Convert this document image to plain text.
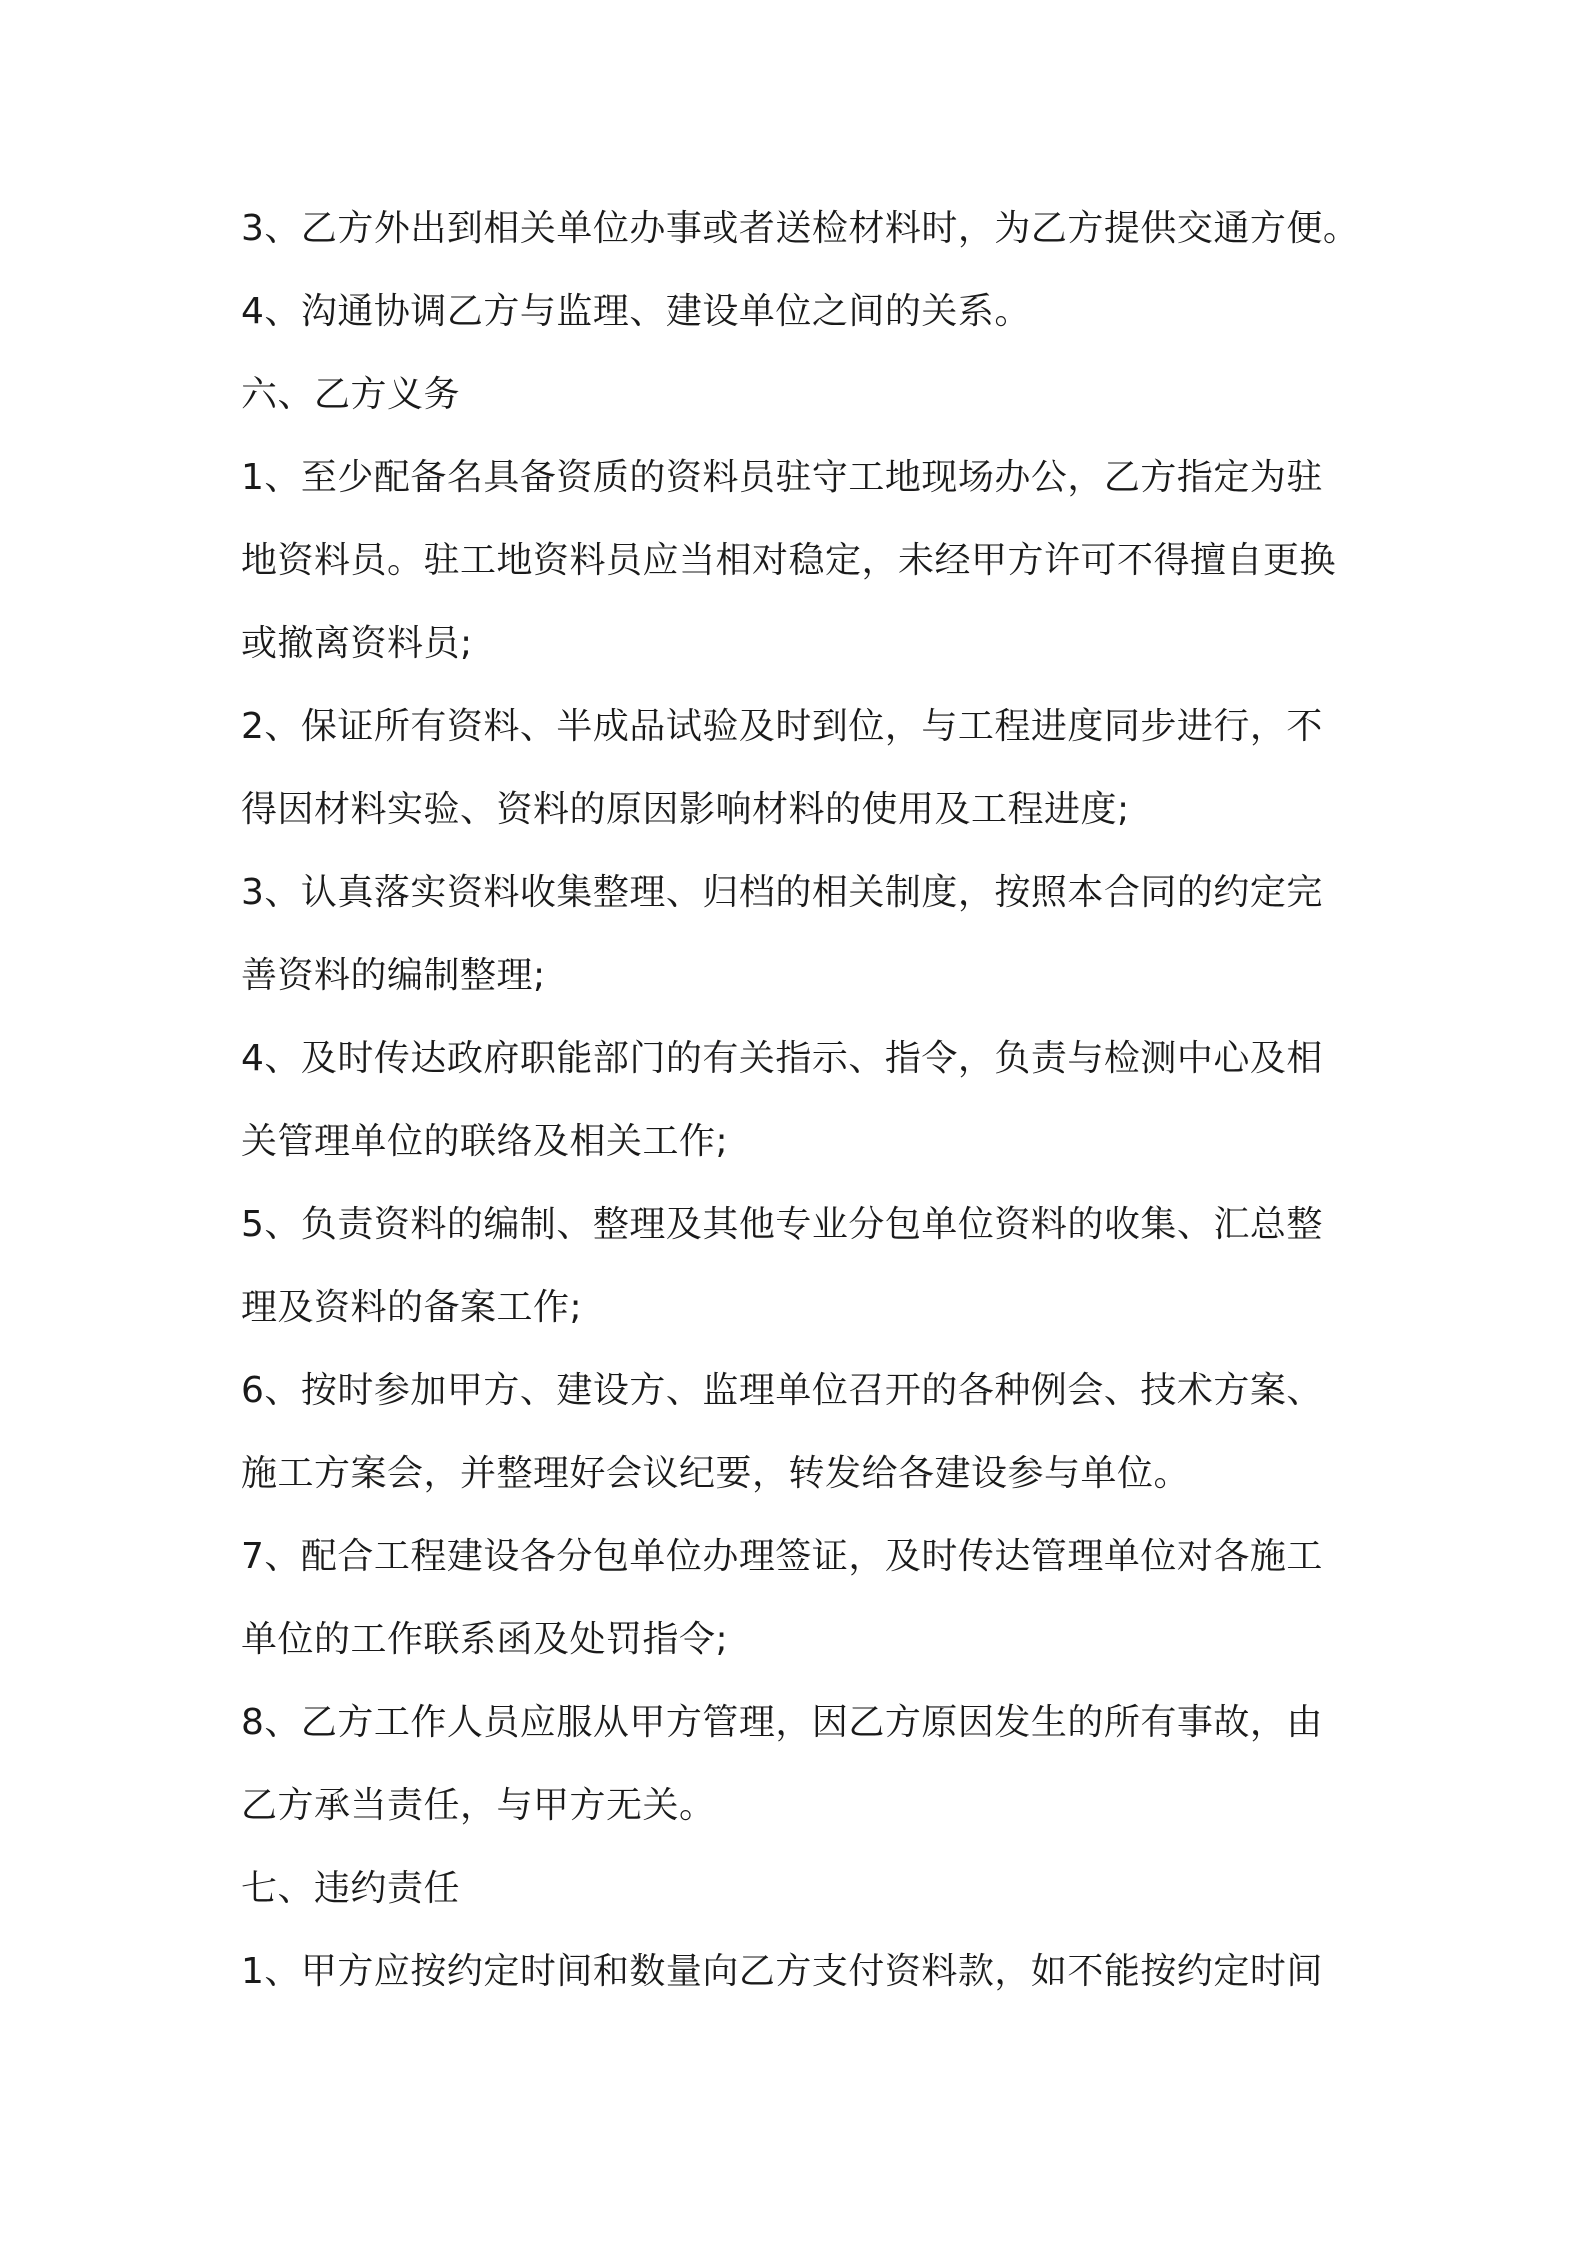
3、乙方外出到相关单位办事或者送检材料时，为乙方提供交通方便。
4、沟通协调乙方与监理、建设单位之间的关系。
六、乙方义务
1、至少配备名具备资质的资料员驻守工地现场办公，乙方指定为驻
地资料员。驻工地资料员应当相对稳定，未经甲方许可不得擅自更换
或撤离资料员;
2、保证所有资料、半成品试验及时到位，与工程进度同步进行，不
得因材料实验、资料的原因影响材料的使用及工程进度;
3、认真落实资料收集整理、归档的相关制度，按照本合同的约定完
善资料的编制整理;
4、及时传达政府职能部门的有关指示、指令，负责与检测中心及相
关管理单位的联络及相关工作;
5、负责资料的编制、整理及其他专业分包单位资料的收集、汇总整
理及资料的备案工作;
6、按时参加甲方、建设方、监理单位召开的各种例会、技术方案、
施工方案会，并整理好会议纪要，转发给各建设参与单位。
7、配合工程建设各分包单位办理签证，及时传达管理单位对各施工
单位的工作联系函及处罚指令;
8、乙方工作人员应服从甲方管理，因乙方原因发生的所有事故，由
乙方承当责任，与甲方无关。
七、违约责任
1、甲方应按约定时间和数量向乙方支付资料款，如不能按约定时间
